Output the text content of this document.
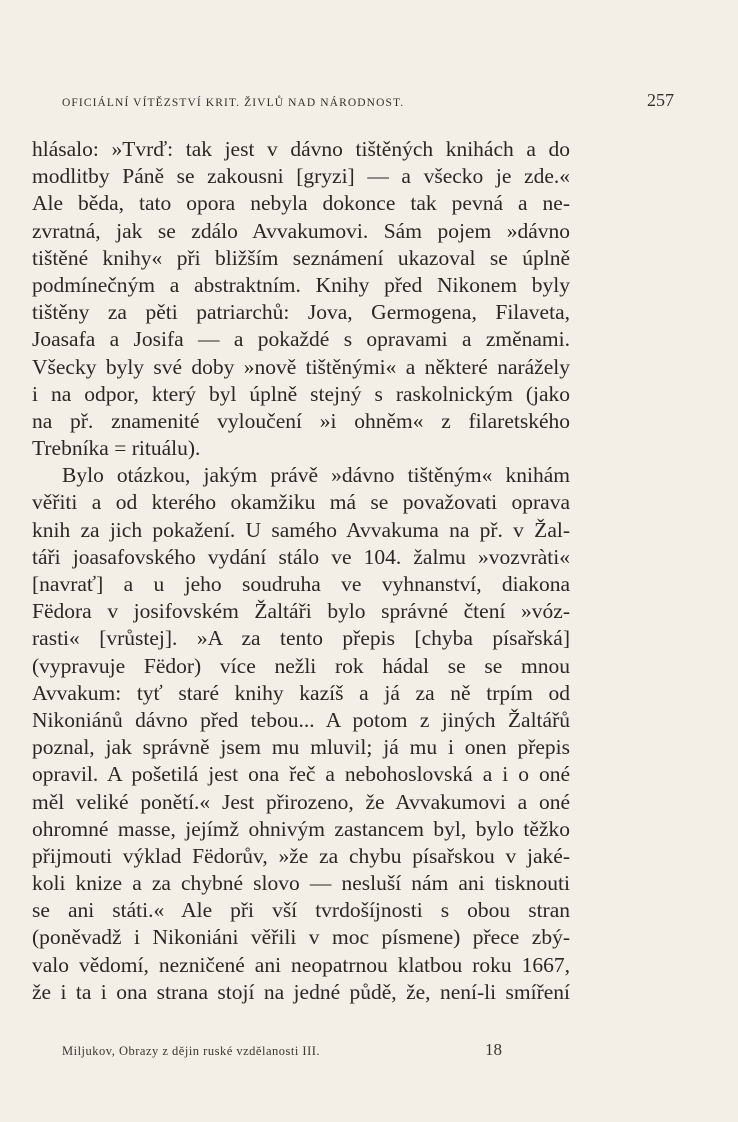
OFICIÁLNÍ VÍTĚZSTVÍ KRIT. ŽIVLŮ NAD NÁRODNOST.	257
hlásalo: »Tvrď: tak jest v dávno tištěných knihách a do
modlitby Páně se zakousni [gryzi] — a všecko je zde.«
Ale běda, tato opora nebyla dokonce tak pevná a ne-
zvratná, jak se zdálo Avvakumovi. Sám pojem »dávno
tištěné knihy« při bližším seznámení ukazoval se úplně
podmínečným a abstraktním. Knihy před Nikonem byly
tištěny za pěti patriarchů: Jova, Germogena, Filaveta,
Joasafa a Josifa — a pokaždé s opravami a změnami.
Všecky byly své doby »nově tištěnými« a některé narážely
i na odpor, který byl úplně stejný s raskolnickým (jako
na př. znamenité vyloučení »i ohněm« z filaretského
Trebníka = rituálu).
Bylo otázkou, jakým právě »dávno tištěným« knihám
věřiti a od kterého okamžiku má se považovati oprava
knih za jich pokažení. U samého Avvakuma na př. v Žal-
táři joasafovského vydání stálo ve 104. žalmu »vozvràti«
[navrať] a u jeho soudruha ve vyhnanství, diakona
Fëdora v josifovském Žaltáři bylo správné čtení »vóz-
rasti« [vrůstej]. »A za tento přepis [chyba písařská]
(vypravuje Fëdor) více nežli rok hádal se se mnou
Avvakum: tyť staré knihy kazíš a já za ně trpím od
Nikoniánů dávno před tebou... A potom z jiných Žaltářů
poznal, jak správně jsem mu mluvil; já mu i onen přepis
opravil. A pošetilá jest ona řeč a nebohoslovská a i o oné
měl veliké ponětí.« Jest přirozeno, že Avvakumovi a oné
ohromné masse, jejímž ohnivým zastancem byl, bylo těžko
přijmouti výklad Fëdorův, »že za chybu písařskou v jaké-
koli knize a za chybné slovo — nesluší nám ani tisknouti
se ani státi.« Ale při vší tvrdošíjnosti s obou stran
(poněvadž i Nikoniáni věřili v moc písmene) přece zbý-
valo vědomí, nezničené ani neopatrnou klatbou roku 1667,
že i ta i ona strana stojí na jedné půdě, že, není-li smíření
Miljukov, Obrazy z dějin ruské vzdělanosti III.	18
